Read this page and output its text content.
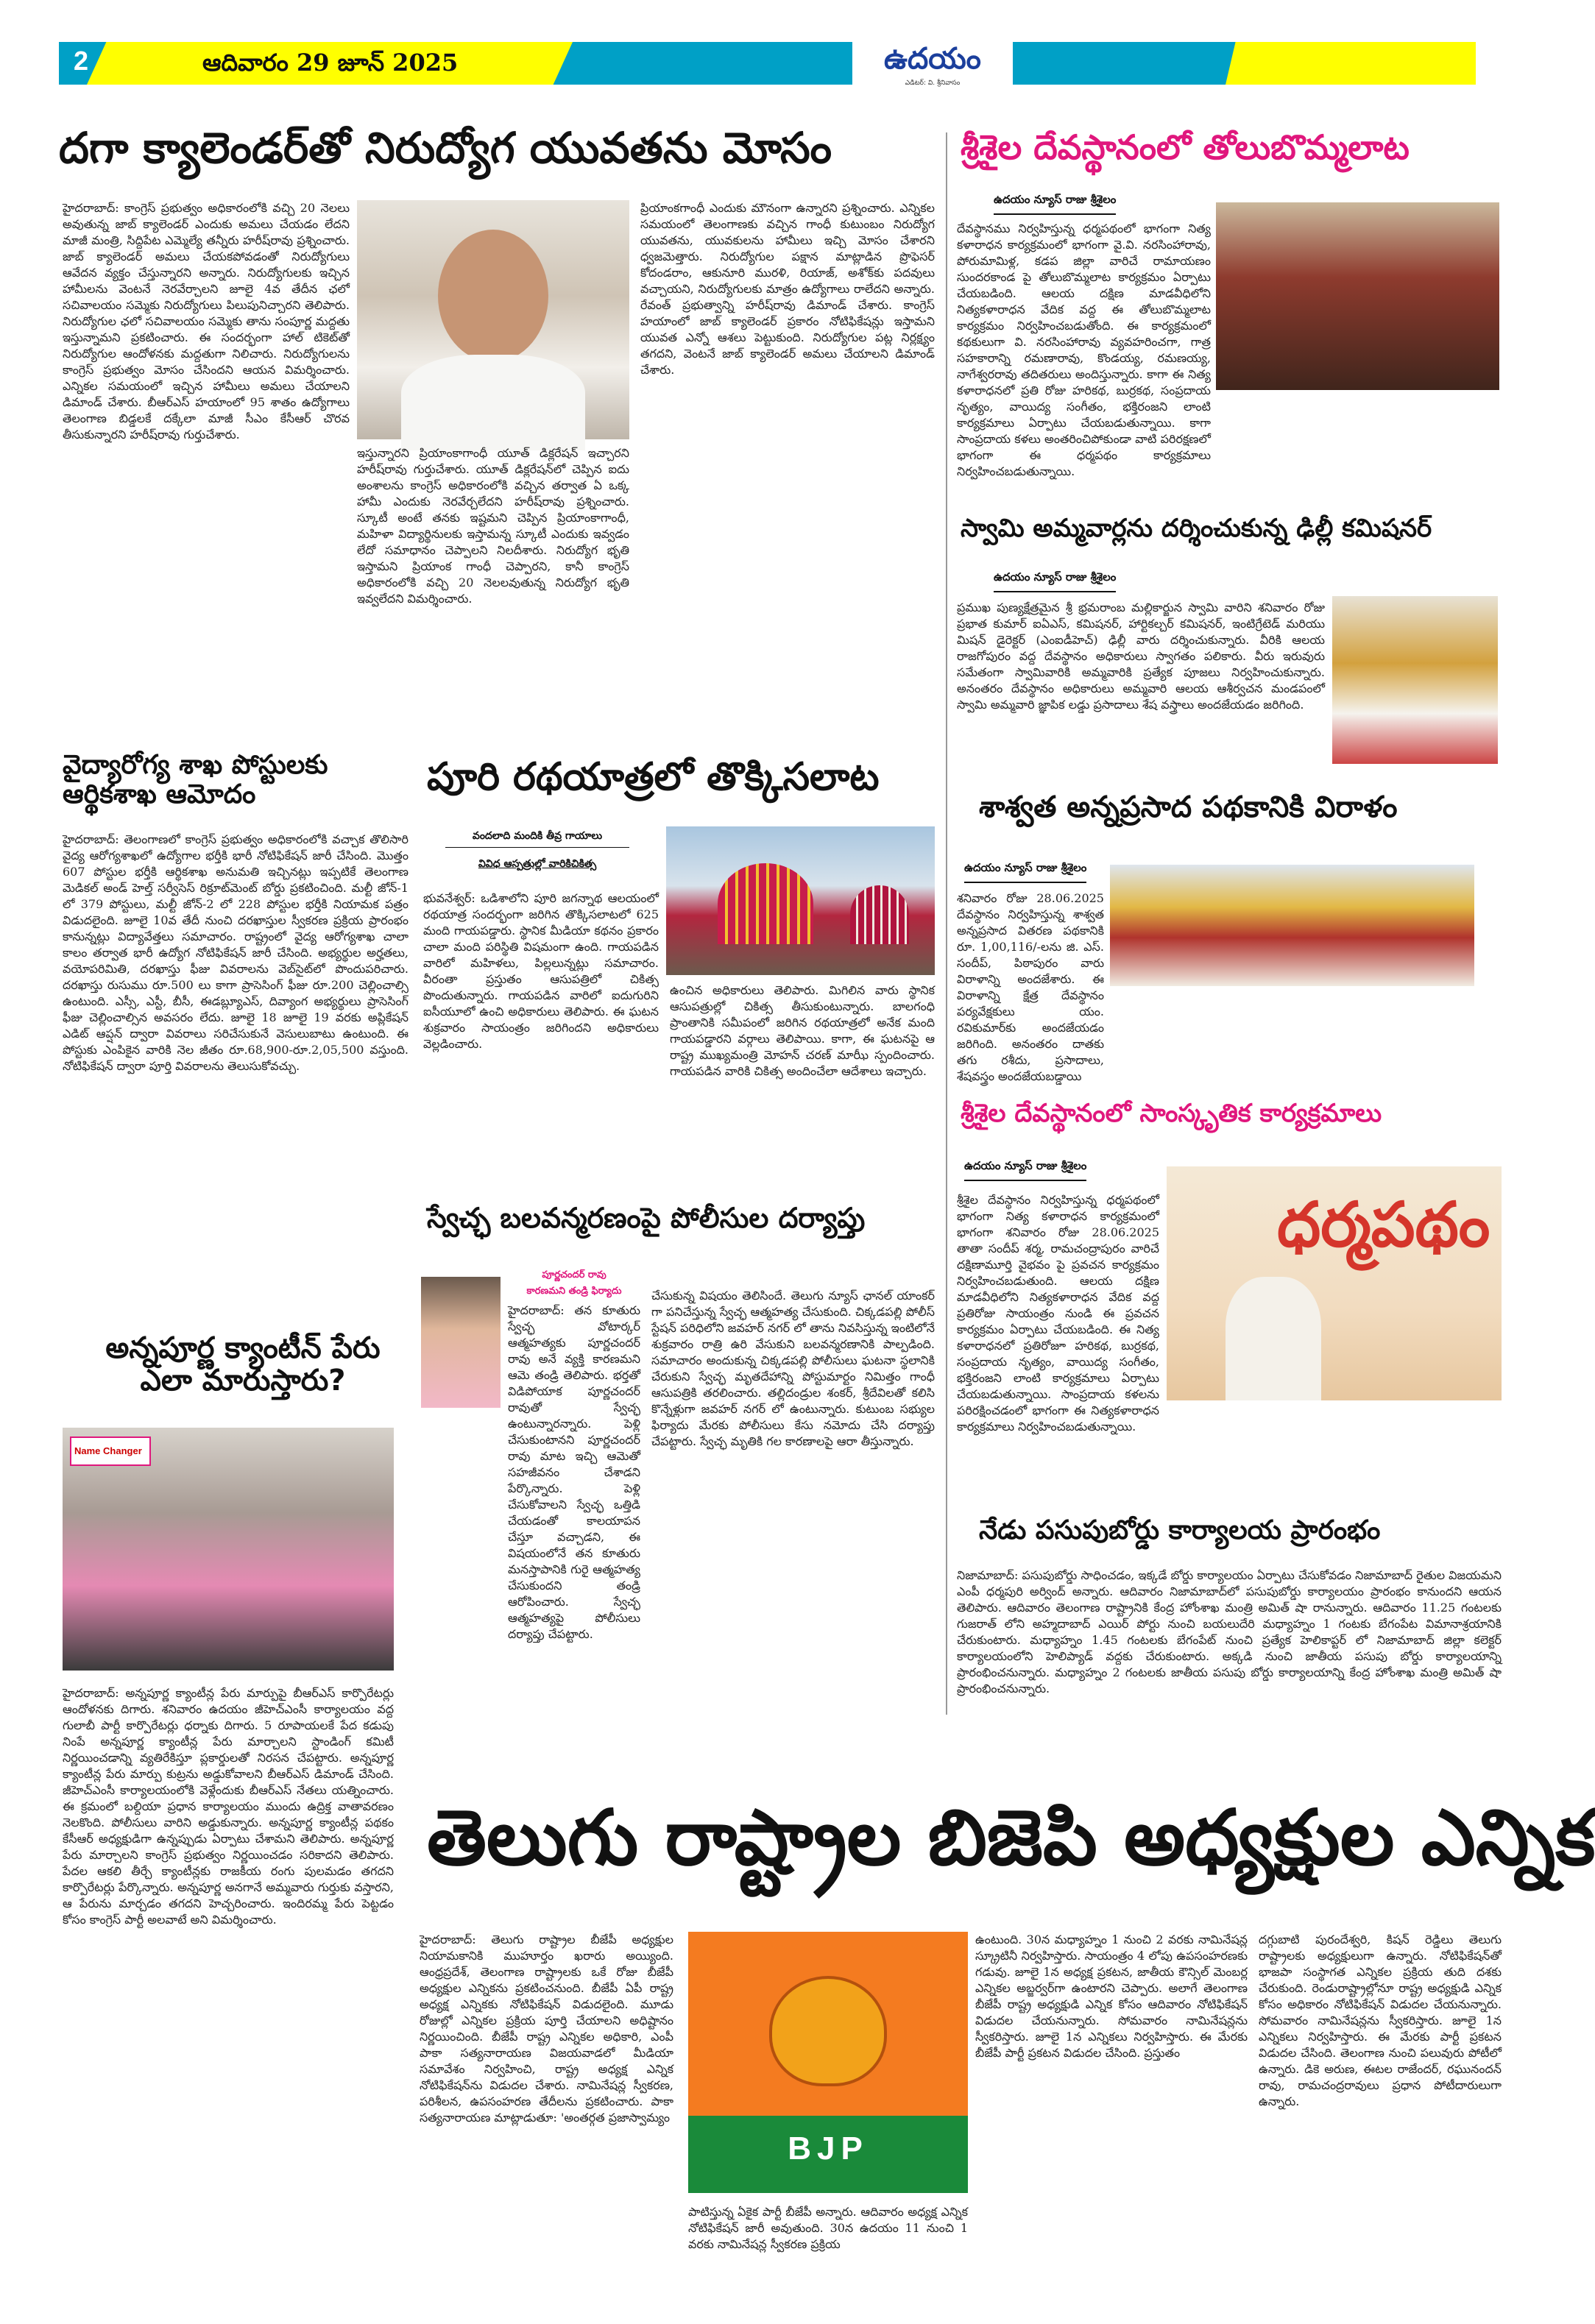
2	ఆదివారం 29 జూన్ 2025	ఉదయం
ఎడిటర్: వి. శ్రీనివాసం
దగా క్యాలెండర్‌తో నిరుద్యోగ యువతను మోసం
హైదరాబాద్: కాంగ్రెస్ ప్రభుత్వం అధికారంలోకి వచ్చి 20 నెలలు అవుతున్న జాబ్ క్యాలెండర్ ఎందుకు అమలు చేయడం లేదని మాజీ మంత్రి, సిద్దిపేట ఎమ్మెల్యే తన్నీరు హరీష్‌రావు ప్రశ్నించారు. జాబ్ క్యాలెండర్ అమలు చేయకపోవడంతో నిరుద్యోగులు ఆవేదన వ్యక్తం చేస్తున్నారని అన్నారు. నిరుద్యోగులకు ఇచ్చిన హామీలను వెంటనే నెరవేర్చాలని జూలై 4వ తేదీన ఛలో సచివాలయం సమ్మెకు నిరుద్యోగులు పిలుపునిచ్చారని తెలిపారు. నిరుద్యోగుల ఛలో సచివాలయం సమ్మెకు తాను సంపూర్ణ మద్దతు ఇస్తున్నామని ప్రకటించారు. ఈ సందర్భంగా హాల్ టికెట్‌తో నిరుద్యోగుల ఆందోళనకు మద్దతుగా నిలిచారు. నిరుద్యోగులను కాంగ్రెస్ ప్రభుత్వం మోసం చేసిందని ఆయన విమర్శించారు. ఎన్నికల సమయంలో ఇచ్చిన హామీలు అమలు చేయాలని డిమాండ్ చేశారు. బీఆర్ఎస్ హయాంలో 95 శాతం ఉద్యోగాలు తెలంగాణ బిడ్డలకే దక్కేలా మాజీ సీఎం కేసీఆర్ చొరవ తీసుకున్నారని హరీష్‌రావు గుర్తుచేశారు.
ఇస్తున్నారని ప్రియాంకాగాంధీ యూత్ డిక్లరేషన్ ఇచ్చారని హరీష్‌రావు గుర్తుచేశారు. యూత్ డిక్లరేషన్‌లో చెప్పిన ఐదు అంశాలను కాంగ్రెస్ అధికారంలోకి వచ్చిన తర్వాత ఏ ఒక్క హామీ ఎందుకు నెరవేర్చలేదని హరీష్‌రావు ప్రశ్నించారు. స్కూటీ అంటే తనకు ఇష్టమని చెప్పిన ప్రియాంకాగాంధీ, మహిళా విద్యార్థినులకు ఇస్తామన్న స్కూటీ ఎందుకు ఇవ్వడం లేదో సమాధానం చెప్పాలని నిలదీశారు. నిరుద్యోగ భృతి ఇస్తామని ప్రియాంక గాంధీ చెప్పారని, కానీ కాంగ్రెస్ అధికారంలోకి వచ్చి 20 నెలలవుతున్న నిరుద్యోగ భృతి ఇవ్వలేదని విమర్శించారు.
ప్రియాంకగాంధీ ఎందుకు మౌనంగా ఉన్నారని ప్రశ్నించారు. ఎన్నికల సమయంలో తెలంగాణకు వచ్చిన గాంధీ కుటుంబం నిరుద్యోగ యువతను, యువకులను హామీలు ఇచ్చి మోసం చేశారని ధ్వజమెత్తారు. నిరుద్యోగుల పక్షాన మాట్లాడిన ప్రొఫెసర్ కోదండరాం, ఆకునూరి మురళి, రియాజ్, అశోక్‌కు పదవులు వచ్చాయని, నిరుద్యోగులకు మాత్రం ఉద్యోగాలు రాలేదని అన్నారు. రేవంత్ ప్రభుత్వాన్ని హరీష్‌రావు డిమాండ్ చేశారు. కాంగ్రెస్ హయాంలో జాబ్ క్యాలెండర్ ప్రకారం నోటిఫికేషన్లు ఇస్తామని యువత ఎన్నో ఆశలు పెట్టుకుంది. నిరుద్యోగుల పట్ల నిర్లక్ష్యం తగదని, వెంటనే జాబ్ క్యాలెండర్ అమలు చేయాలని డిమాండ్ చేశారు.
వైద్యారోగ్య శాఖ పోస్టులకు
ఆర్థికశాఖ ఆమోదం
హైదరాబాద్: తెలంగాణలో కాంగ్రెస్ ప్రభుత్వం అధికారంలోకి వచ్చాక తొలిసారి వైద్య ఆరోగ్యశాఖలో ఉద్యోగాల భర్తీకి భారీ నోటిఫికేషన్ జారీ చేసింది. మొత్తం 607 పోస్టుల భర్తీకి ఆర్థికశాఖ అనుమతి ఇచ్చినట్లు ఇప్పటికే తెలంగాణ మెడికల్ అండ్ హెల్త్ సర్వీసెస్ రిక్రూట్‌మెంట్ బోర్డు ప్రకటించింది. మల్టీ జోన్-1 లో 379 పోస్టులు, మల్టీ జోన్-2 లో 228 పోస్టుల భర్తీకి నియామక పత్రం విడుదలైంది. జూలై 10వ తేదీ నుంచి దరఖాస్తుల స్వీకరణ ప్రక్రియ ప్రారంభం కానున్నట్లు విద్యావేత్తలు సమాచారం. రాష్ట్రంలో వైద్య ఆరోగ్యశాఖ చాలా కాలం తర్వాత భారీ ఉద్యోగ నోటిఫికేషన్ జారీ చేసింది. అభ్యర్థుల అర్హతలు, వయోపరిమితి, దరఖాస్తు ఫీజు వివరాలను వెబ్‌సైట్‌లో పొందుపరిచారు. దరఖాస్తు రుసుము రూ.500 లు కాగా ప్రాసెసింగ్ ఫీజు రూ.200 చెల్లించాల్సి ఉంటుంది. ఎస్సీ, ఎస్టీ, బీసీ, ఈడబ్ల్యూఎస్, దివ్యాంగ అభ్యర్థులు ప్రాసెసింగ్ ఫీజు చెల్లించాల్సిన అవసరం లేదు. జూలై 18 జూలై 19 వరకు అప్లికేషన్ ఎడిట్ ఆప్షన్ ద్వారా వివరాలు సరిచేసుకునే వెసులుబాటు ఉంటుంది. ఈ పోస్టుకు ఎంపికైన వారికి నెల జీతం రూ.68,900-రూ.2,05,500 వస్తుంది. నోటిఫికేషన్ ద్వారా పూర్తి వివరాలను తెలుసుకోవచ్చు.
అన్నపూర్ణ క్యాంటీన్ పేరు
ఎలా మారుస్తారు?
Name Changer
హైదరాబాద్: అన్నపూర్ణ క్యాంటీన్ల పేరు మార్పుపై బీఆర్ఎస్ కార్పొరేటర్లు ఆందోళనకు దిగారు. శనివారం ఉదయం జీహెచ్ఎంసీ కార్యాలయం వద్ద గులాబీ పార్టీ కార్పొరేటర్లు ధర్నాకు దిగారు. 5 రూపాయలకే పేద కడుపు నింపే అన్నపూర్ణ క్యాంటీన్ల పేరు మార్చాలని స్టాండింగ్ కమిటీ నిర్ణయించడాన్ని వ్యతిరేకిస్తూ ప్లకార్డులతో నిరసన చేపట్టారు. అన్నపూర్ణ క్యాంటీన్ల పేరు మార్పు కుట్రను అడ్డుకోవాలని బీఆర్ఎస్ డిమాండ్ చేసింది. జీహెచ్ఎంసీ కార్యాలయంలోకి వెళ్లేందుకు బీఆర్ఎస్ నేతలు యత్నించారు. ఈ క్రమంలో బల్దియా ప్రధాన కార్యాలయం ముందు ఉద్రిక్త వాతావరణం నెలకొంది. పోలీసులు వారిని అడ్డుకున్నారు. అన్నపూర్ణ క్యాంటీన్ల పథకం కేసీఆర్ అధ్యక్షుడిగా ఉన్నప్పుడు ఏర్పాటు చేశామని తెలిపారు. అన్నపూర్ణ పేరు మార్చాలని కాంగ్రెస్ ప్రభుత్వం నిర్ణయించడం సరికాదని తెలిపారు. పేదల ఆకలి తీర్చే క్యాంటీన్లకు రాజకీయ రంగు పులమడం తగదని కార్పొరేటర్లు పేర్కొన్నారు. అన్నపూర్ణ అనగానే అమ్మవారు గుర్తుకు వస్తారని, ఆ పేరును మార్చడం తగదని హెచ్చరించారు. ఇందిరమ్మ పేరు పెట్టడం కోసం కాంగ్రెస్ పార్టీ అలవాటే అని విమర్శించారు.
పూరి రథయాత్రలో తొక్కిసలాట
వందలాది మందికి తీవ్ర గాయాలు
వివిధ ఆస్పత్రుల్లో వారికిచికిత్స
భువనేశ్వర్: ఒడిశాలోని పూరి జగన్నాథ ఆలయంలో రథయాత్ర సందర్భంగా జరిగిన తొక్కిసలాటలో 625 మంది గాయపడ్డారు. స్థానిక మీడియా కథనం ప్రకారం చాలా మంది పరిస్థితి విషమంగా ఉంది. గాయపడిన వారిలో మహిళలు, పిల్లలున్నట్లు సమాచారం. వీరంతా ప్రస్తుతం ఆసుపత్రిలో చికిత్స పొందుతున్నారు. గాయపడిన వారిలో ఐదుగురిని ఐసీయూలో ఉంచి అధికారులు తెలిపారు. ఈ ఘటన శుక్రవారం సాయంత్రం జరిగిందని అధికారులు వెల్లడించారు.
ఉంచిన అధికారులు తెలిపారు. మిగిలిన వారు స్థానిక ఆసుపత్రుల్లో చికిత్స తీసుకుంటున్నారు. బాలగంధి ప్రాంతానికి సమీపంలో జరిగిన రథయాత్రలో అనేక మంది గాయపడ్డారని వర్గాలు తెలిపాయి. కాగా, ఈ ఘటనపై ఆ రాష్ట్ర ముఖ్యమంత్రి మోహన్ చరణ్ మాఝీ స్పందించారు. గాయపడిన వారికి చికిత్స అందించేలా ఆదేశాలు ఇచ్చారు.
స్వేచ్ఛ బలవన్మరణంపై పోలీసుల దర్యాప్తు
పూర్ణచందర్ రావు
కారణమని తండ్రి ఫిర్యాదు
హైదరాబాద్: తన కూతురు స్వేచ్ఛ వోటార్కర్ ఆత్మహత్యకు పూర్ణచందర్ రావు అనే వ్యక్తి కారణమని ఆమె తండ్రి తెలిపారు. భర్తతో విడిపోయాక పూర్ణచందర్ రావుతో స్వేచ్ఛ ఉంటున్నారన్నారు. పెళ్లి చేసుకుంటానని పూర్ణచందర్ రావు మాట ఇచ్చి ఆమెతో సహజీవనం చేశాడని పేర్కొన్నారు. పెళ్లి చేసుకోవాలని స్వేచ్ఛ ఒత్తిడి చేయడంతో కాలయాపన చేస్తూ వచ్చాడని, ఈ విషయంలోనే తన కూతురు మనస్తాపానికి గురై ఆత్మహత్య చేసుకుందని తండ్రి ఆరోపించారు. స్వేచ్ఛ ఆత్మహత్యపై పోలీసులు దర్యాప్తు చేపట్టారు.
చేసుకున్న విషయం తెలిసిందే. తెలుగు న్యూస్ ఛానల్ యాంకర్ గా పనిచేస్తున్న స్వేచ్ఛ ఆత్మహత్య చేసుకుంది. చిక్కడపల్లి పోలీస్ స్టేషన్ పరిధిలోని జవహర్ నగర్ లో తాను నివసిస్తున్న ఇంటిలోనే శుక్రవారం రాత్రి ఉరి వేసుకుని బలవన్మరణానికి పాల్పడింది. సమాచారం అందుకున్న చిక్కడపల్లి పోలీసులు ఘటనా స్థలానికి చేరుకుని స్వేచ్ఛ మృతదేహాన్ని పోస్టుమార్టం నిమిత్తం గాంధీ ఆసుపత్రికి తరలించారు. తల్లిదండ్రుల శంకర్, శ్రీదేవిలతో కలిసి కొన్నేళ్లుగా జవహర్ నగర్ లో ఉంటున్నారు. కుటుంబ సభ్యుల ఫిర్యాదు మేరకు పోలీసులు కేసు నమోదు చేసి దర్యాప్తు చేపట్టారు. స్వేచ్ఛ మృతికి గల కారణాలపై ఆరా తీస్తున్నారు.
శ్రీశైల దేవస్థానంలో తోలుబొమ్మలాట
ఉదయం న్యూస్ రాజు శ్రీశైలం
దేవస్థానము నిర్వహిస్తున్న ధర్మపథంలో భాగంగా నిత్య కళారాధన కార్యక్రమంలో భాగంగా వై.వి. నరసింహారావు, పోరుమామిళ్ల, కడప జిల్లా వారిచే రామాయణం సుందరకాండ పై తోలుబొమ్మలాట కార్యక్రమం ఏర్పాటు చేయబడింది. ఆలయ దక్షిణ మాడవీధిలోని నిత్యకళారాధన వేదిక వద్ద ఈ తోలుబొమ్మలాట కార్యక్రమం నిర్వహించబడుతోంది. ఈ కార్యక్రమంలో కథకులుగా వి. నరసింహారావు వ్యవహరించగా, గాత్ర సహకారాన్ని రమణారావు, కొండయ్య, రమణయ్య, నాగేశ్వరరావు తదితరులు అందిస్తున్నారు. కాగా ఈ నిత్య కళారాధనలో ప్రతి రోజు హరికథ, బుర్రకథ, సంప్రదాయ నృత్యం, వాయిద్య సంగీతం, భక్తిరంజని లాంటి కార్యక్రమాలు ఏర్పాటు చేయబడుతున్నాయి. కాగా సాంప్రదాయ కళలు అంతరించిపోకుండా వాటి పరిరక్షణలో భాగంగా ఈ ధర్మపథం కార్యక్రమాలు నిర్వహించబడుతున్నాయి.
స్వామి అమ్మవార్లను దర్శించుకున్న ఢిల్లీ కమిషనర్
ఉదయం న్యూస్ రాజు శ్రీశైలం
ప్రముఖ పుణ్యక్షేత్రమైన శ్రీ భ్రమరాంబ మల్లికార్జున స్వామి వారిని శనివారం రోజు ప్రభాత కుమార్ ఐఏఎస్, కమిషనర్, హార్టికల్చర్ కమిషనర్, ఇంటిగ్రేటెడ్ మరియు మిషన్ డైరెక్టర్ (ఎంఐడీహెచ్) ఢిల్లీ వారు దర్శించుకున్నారు. వీరికి ఆలయ రాజగోపురం వద్ద దేవస్థానం అధికారులు స్వాగతం పలికారు. వీరు ఇరువురు సమేతంగా స్వామివారికి అమ్మవారికి ప్రత్యేక పూజలు నిర్వహించుకున్నారు. అనంతరం దేవస్థానం అధికారులు అమ్మవారి ఆలయ ఆశీర్వచన మండపంలో స్వామి అమ్మవారి జ్ఞాపిక లడ్డు ప్రసాదాలు శేష వస్త్రాలు అందజేయడం జరిగింది.
శాశ్వత అన్నప్రసాద పథకానికి విరాళం
ఉదయం న్యూస్ రాజు శ్రీశైలం
శనివారం రోజు 28.06.2025 దేవస్థానం నిర్వహిస్తున్న శాశ్వత అన్నప్రసాద వితరణ పథకానికి రూ. 1,00,116/-లను జి. ఎస్. సందీప్, పిఠాపురం వారు విరాళాన్ని అందజేశారు. ఈ విరాళాన్ని క్షేత్ర దేవస్థానం పర్యవేక్షకులు యం. రవికుమార్‌కు అందజేయడం జరిగింది. అనంతరం దాతకు తగు రశీదు, ప్రసాదాలు, శేషవస్త్రం అందజేయబడ్డాయి
శ్రీశైల దేవస్థానంలో సాంస్కృతిక కార్యక్రమాలు
ఉదయం న్యూస్ రాజు శ్రీశైలం
ధర్మపథం
శ్రీశైల దేవస్థానం నిర్వహిస్తున్న ధర్మపథంలో భాగంగా నిత్య కళారాధన కార్యక్రమంలో భాగంగా శనివారం రోజు 28.06.2025 తాతా సందీప్ శర్మ, రామచంద్రాపురం వారిచే దక్షిణామూర్తి వైభవం పై ప్రవచన కార్యక్రమం నిర్వహించబడుతుంది. ఆలయ దక్షిణ మాడవీధిలోని నిత్యకళారాధన వేదిక వద్ద ప్రతిరోజు సాయంత్రం నుండి ఈ ప్రవచన కార్యక్రమం ఏర్పాటు చేయబడింది. ఈ నిత్య కళారాధనలో ప్రతిరోజూ హరికథ, బుర్రకథ, సంప్రదాయ నృత్యం, వాయిద్య సంగీతం, భక్తిరంజని లాంటి కార్యక్రమాలు ఏర్పాటు చేయబడుతున్నాయి. సాంప్రదాయ కళలను పరిరక్షించడంలో భాగంగా ఈ నిత్యకళారాధన కార్యక్రమాలు నిర్వహించబడుతున్నాయి.
నేడు పసుపుబోర్డు కార్యాలయ ప్రారంభం
నిజామాబాద్: పసుపుబోర్డు సాధించడం, ఇక్కడే బోర్డు కార్యాలయం ఏర్పాటు చేసుకోవడం నిజామాబాద్ రైతుల విజయమని ఎంపీ ధర్మపురి అర్వింద్ అన్నారు. ఆదివారం నిజామాబాద్‌లో పసుపుబోర్డు కార్యాలయం ప్రారంభం కానుందని ఆయన తెలిపారు. ఆదివారం తెలంగాణ రాష్ట్రానికి కేంద్ర హోంశాఖ మంత్రి అమిత్ షా రానున్నారు. ఆదివారం 11.25 గంటలకు గుజరాత్ లోని అహ్మదాబాద్ ఎయిర్ పోర్టు నుంచి బయలుదేరి మధ్యాహ్నం 1 గంటకు బేగంపేట విమానాశ్రయానికి చేరుకుంటారు. మధ్యాహ్నం 1.45 గంటలకు బేగంపేట్ నుంచి ప్రత్యేక హెలికాప్టర్ లో నిజామాబాద్ జిల్లా కలెక్టర్ కార్యాలయంలోని హెలిప్యాడ్ వద్దకు చేరుకుంటారు. అక్కడి నుంచి జాతీయ పసుపు బోర్డు కార్యాలయాన్ని ప్రారంభించనున్నారు. మధ్యాహ్నం 2 గంటలకు జాతీయ పసుపు బోర్డు కార్యాలయాన్ని కేంద్ర హోంశాఖ మంత్రి అమిత్ షా ప్రారంభించనున్నారు.
తెలుగు రాష్ట్రాల బిజెపి అధ్యక్షుల ఎన్నిక
హైదరాబాద్: తెలుగు రాష్ట్రాల బీజేపీ అధ్యక్షుల నియామకానికి ముహూర్తం ఖరారు అయ్యింది. ఆంధ్రప్రదేశ్, తెలంగాణ రాష్ట్రాలకు ఒకే రోజు బీజేపీ అధ్యక్షుల ఎన్నికను ప్రకటించనుంది. బీజేపీ ఏపీ రాష్ట్ర అధ్యక్ష ఎన్నికకు నోటిఫికేషన్ విడుదలైంది. మూడు రోజుల్లో ఎన్నికల ప్రక్రియ పూర్తి చేయాలని అధిష్టానం నిర్ణయించింది. బీజేపీ రాష్ట్ర ఎన్నికల అధికారి, ఎంపీ పాకా సత్యనారాయణ విజయవాడలో మీడియా సమావేశం నిర్వహించి, రాష్ట్ర అధ్యక్ష ఎన్నిక నోటిఫికేషన్‌ను విడుదల చేశారు. నామినేషన్ల స్వీకరణ, పరిశీలన, ఉపసంహరణ తేదీలను ప్రకటించారు. పాకా సత్యనారాయణ మాట్లాడుతూ: 'అంతర్గత ప్రజాస్వామ్యం
BJP
పాటిస్తున్న ఏకైక పార్టీ బీజేపీ అన్నారు. ఆదివారం అధ్యక్ష ఎన్నిక నోటిఫికేషన్ జారీ అవుతుంది. 30న ఉదయం 11 నుంచి 1 వరకు నామినేషన్ల స్వీకరణ ప్రక్రియ
ఉంటుంది. 30న మధ్యాహ్నం 1 నుంచి 2 వరకు నామినేషన్ల స్క్రూటినీ నిర్వహిస్తారు. సాయంత్రం 4 లోపు ఉపసంహరణకు గడువు. జూలై 1న అధ్యక్ష ప్రకటన, జాతీయ కౌన్సిల్ మెంబర్ల ఎన్నికల అబ్జర్వర్‌గా ఉంటారని చెప్పారు. అలాగే తెలంగాణ బీజేపీ రాష్ట్ర అధ్యక్షుడి ఎన్నిక కోసం ఆదివారం నోటిఫికేషన్ విడుదల చేయనున్నారు. సోమవారం నామినేషన్లను స్వీకరిస్తారు. జూలై 1న ఎన్నికలు నిర్వహిస్తారు. ఈ మేరకు బీజేపీ పార్టీ ప్రకటన విడుదల చేసింది. ప్రస్తుతం
దగ్గుబాటి పురందేశ్వరి, కిషన్ రెడ్డిలు తెలుగు రాష్ట్రాలకు అధ్యక్షులుగా ఉన్నారు. నోటిఫికేషన్‌తో భాజపా సంస్థాగత ఎన్నికల ప్రక్రియ తుది దశకు చేరుకుంది. రెండురాష్ట్రాల్లోనూ రాష్ట్ర అధ్యక్షుడి ఎన్నిక కోసం అధికారం నోటిఫికేషన్ విడుదల చేయనున్నారు. సోమవారం నామినేషన్లను స్వీకరిస్తారు. జూలై 1న ఎన్నికలు నిర్వహిస్తారు. ఈ మేరకు పార్టీ ప్రకటన విడుదల చేసింది. తెలంగాణ నుంచి పలువురు పోటీలో ఉన్నారు. డికె అరుణ, ఈటల రాజేందర్, రఘునందన్ రావు, రామచంద్రరావులు ప్రధాన పోటీదారులుగా ఉన్నారు.
